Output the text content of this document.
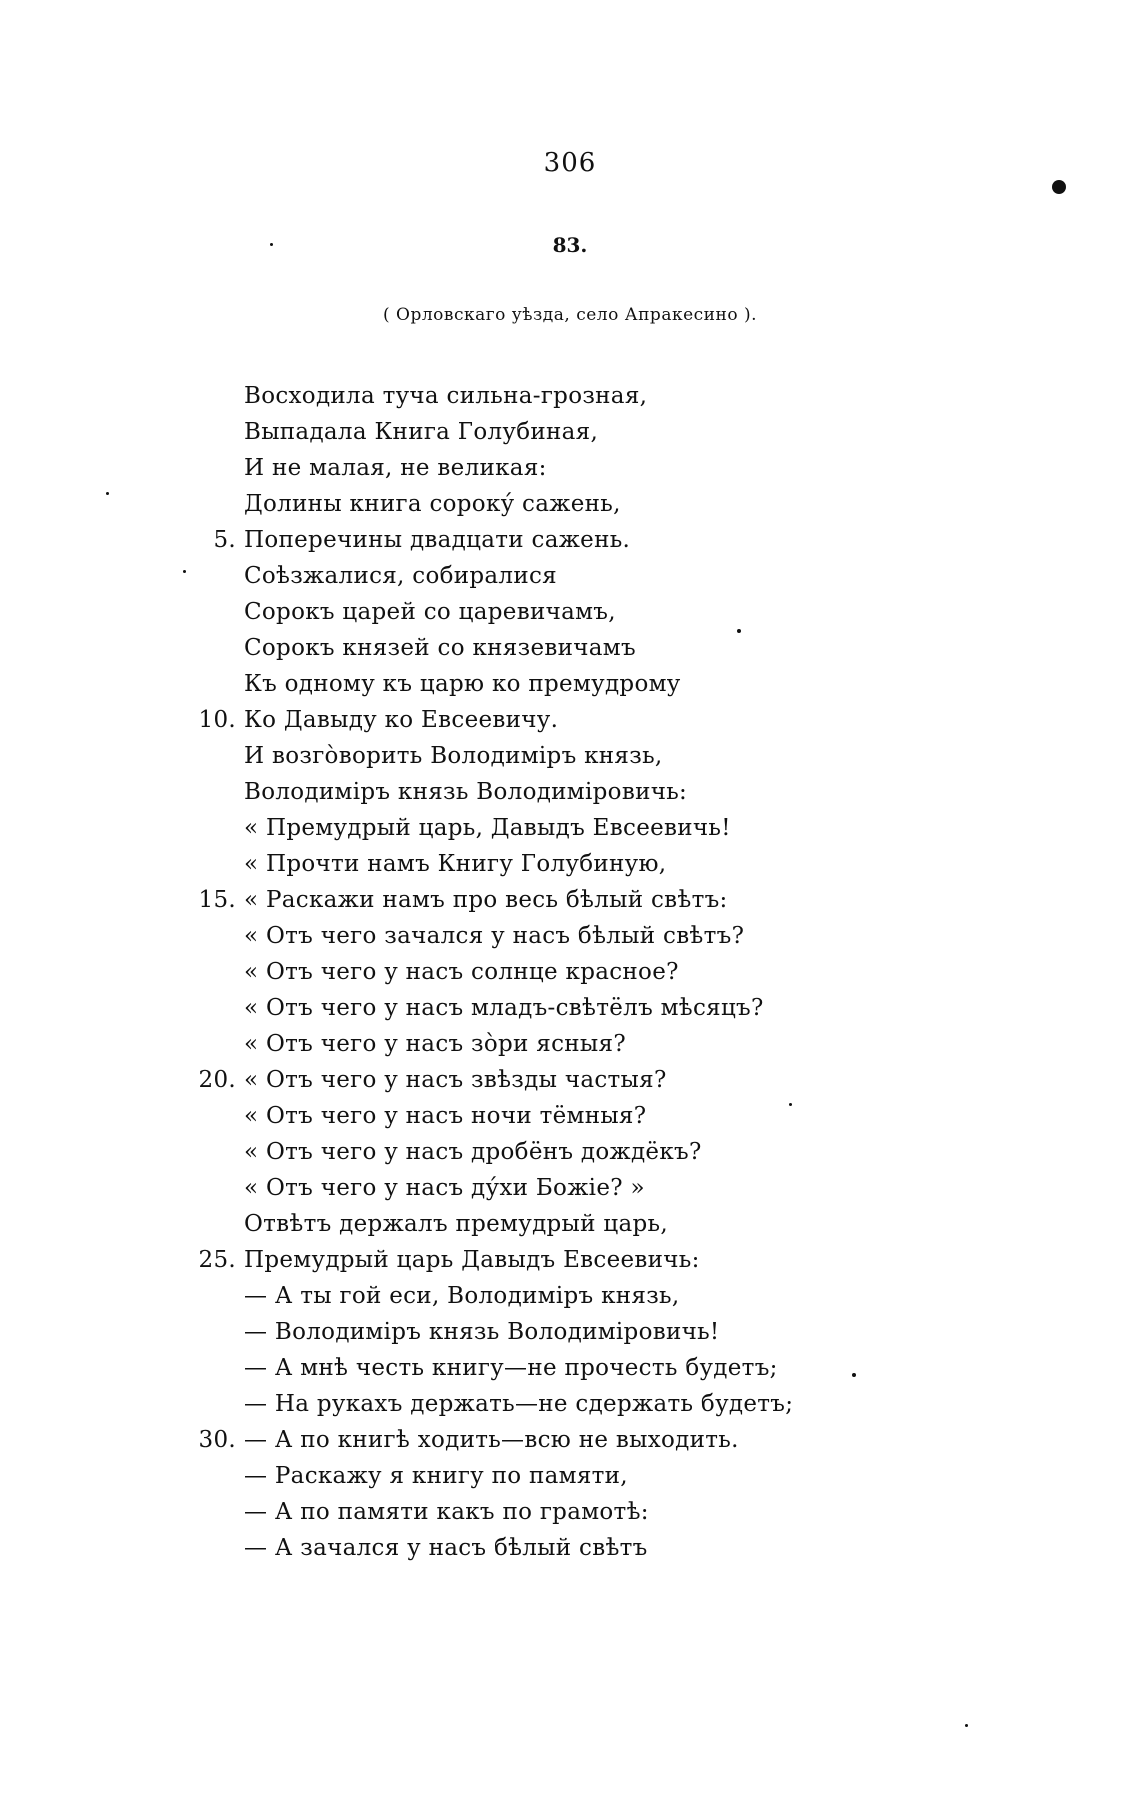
306
83.
( Орловскаго уѣзда, село Апракесино ).
Восходила туча сильна-грозная,
Выпадала Книга Голубиная,
И не малая, не великая:
Долины книга сороку́ сажень,
5. Поперечины двадцати сажень.
Соѣзжалися, собиралися
Сорокъ царей со царевичамъ,
Сорокъ князей со князевичамъ
Къ одному къ царю ко премудрому
10. Ко Давыду ко Евсеевичу.
И возго̀ворить Володиміръ князь,
Володиміръ князь Володиміровичь:
« Премудрый царь, Давыдъ Евсеевичь!
« Прочти намъ Книгу Голубиную,
15. « Раскажи намъ про весь бѣлый свѣтъ:
« Отъ чего зачался у насъ бѣлый свѣтъ?
« Отъ чего у насъ солнце красное?
« Отъ чего у насъ младъ-свѣтёлъ мѣсяцъ?
« Отъ чего у насъ зо̀ри ясныя?
20. « Отъ чего у насъ звѣзды частыя?
« Отъ чего у насъ ночи тёмныя?
« Отъ чего у насъ дробёнъ дождёкъ?
« Отъ чего у насъ ду́хи Божіе? »
Отвѣтъ держалъ премудрый царь,
25. Премудрый царь Давыдъ Евсеевичь:
— А ты гой еси, Володиміръ князь,
— Володиміръ князь Володиміровичь!
— А мнѣ честь книгу—не прочесть будетъ;
— На рукахъ держать—не сдержать будетъ;
30. — А по книгѣ ходить—всю не выходить.
— Раскажу я книгу по памяти,
— А по памяти какъ по грамотѣ:
— А зачался у насъ бѣлый свѣтъ
